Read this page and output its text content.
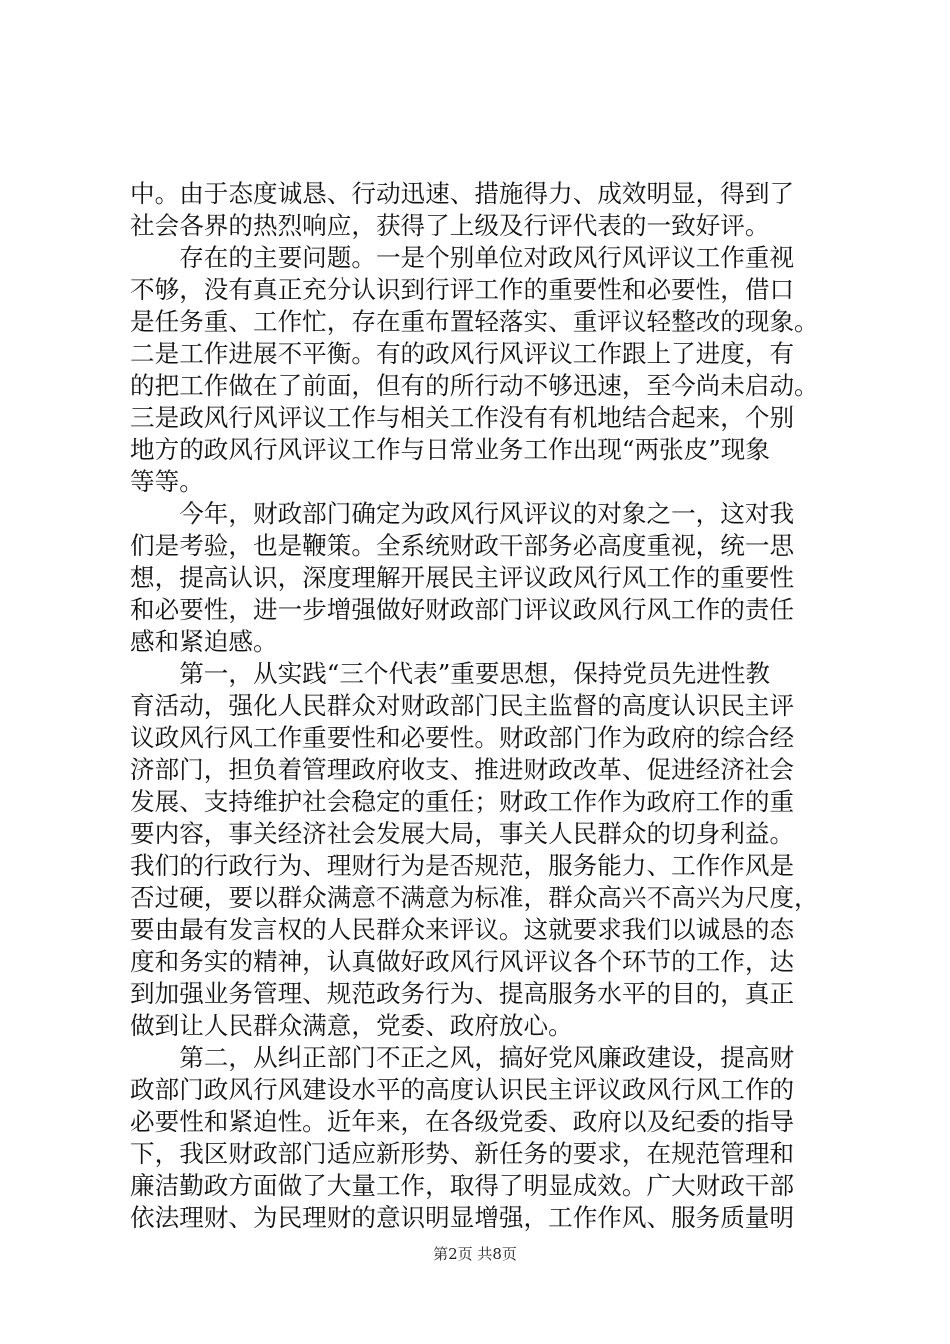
中。由于态度诚恳、行动迅速、措施得力、成效明显，得到了
社会各界的热烈响应，获得了上级及行评代表的一致好评。
　　存在的主要问题。一是个别单位对政风行风评议工作重视
不够，没有真正充分认识到行评工作的重要性和必要性，借口
是任务重、工作忙，存在重布置轻落实、重评议轻整改的现象。
二是工作进展不平衡。有的政风行风评议工作跟上了进度，有
的把工作做在了前面，但有的所行动不够迅速，至今尚未启动。
三是政风行风评议工作与相关工作没有有机地结合起来，个别
地方的政风行风评议工作与日常业务工作出现“两张皮”现象
等等。
　　今年，财政部门确定为政风行风评议的对象之一，这对我
们是考验，也是鞭策。全系统财政干部务必高度重视，统一思
想，提高认识，深度理解开展民主评议政风行风工作的重要性
和必要性，进一步增强做好财政部门评议政风行风工作的责任
感和紧迫感。
　　第一，从实践“三个代表”重要思想，保持党员先进性教
育活动，强化人民群众对财政部门民主监督的高度认识民主评
议政风行风工作重要性和必要性。财政部门作为政府的综合经
济部门，担负着管理政府收支、推进财政改革、促进经济社会
发展、支持维护社会稳定的重任；财政工作作为政府工作的重
要内容，事关经济社会发展大局，事关人民群众的切身利益。
我们的行政行为、理财行为是否规范，服务能力、工作作风是
否过硬，要以群众满意不满意为标准，群众高兴不高兴为尺度，
要由最有发言权的人民群众来评议。这就要求我们以诚恳的态
度和务实的精神，认真做好政风行风评议各个环节的工作，达
到加强业务管理、规范政务行为、提高服务水平的目的，真正
做到让人民群众满意，党委、政府放心。
　　第二，从纠正部门不正之风，搞好党风廉政建设，提高财
政部门政风行风建设水平的高度认识民主评议政风行风工作的
必要性和紧迫性。近年来，在各级党委、政府以及纪委的指导
下，我区财政部门适应新形势、新任务的要求，在规范管理和
廉洁勤政方面做了大量工作，取得了明显成效。广大财政干部
依法理财、为民理财的意识明显增强，工作作风、服务质量明
第2页 共8页
